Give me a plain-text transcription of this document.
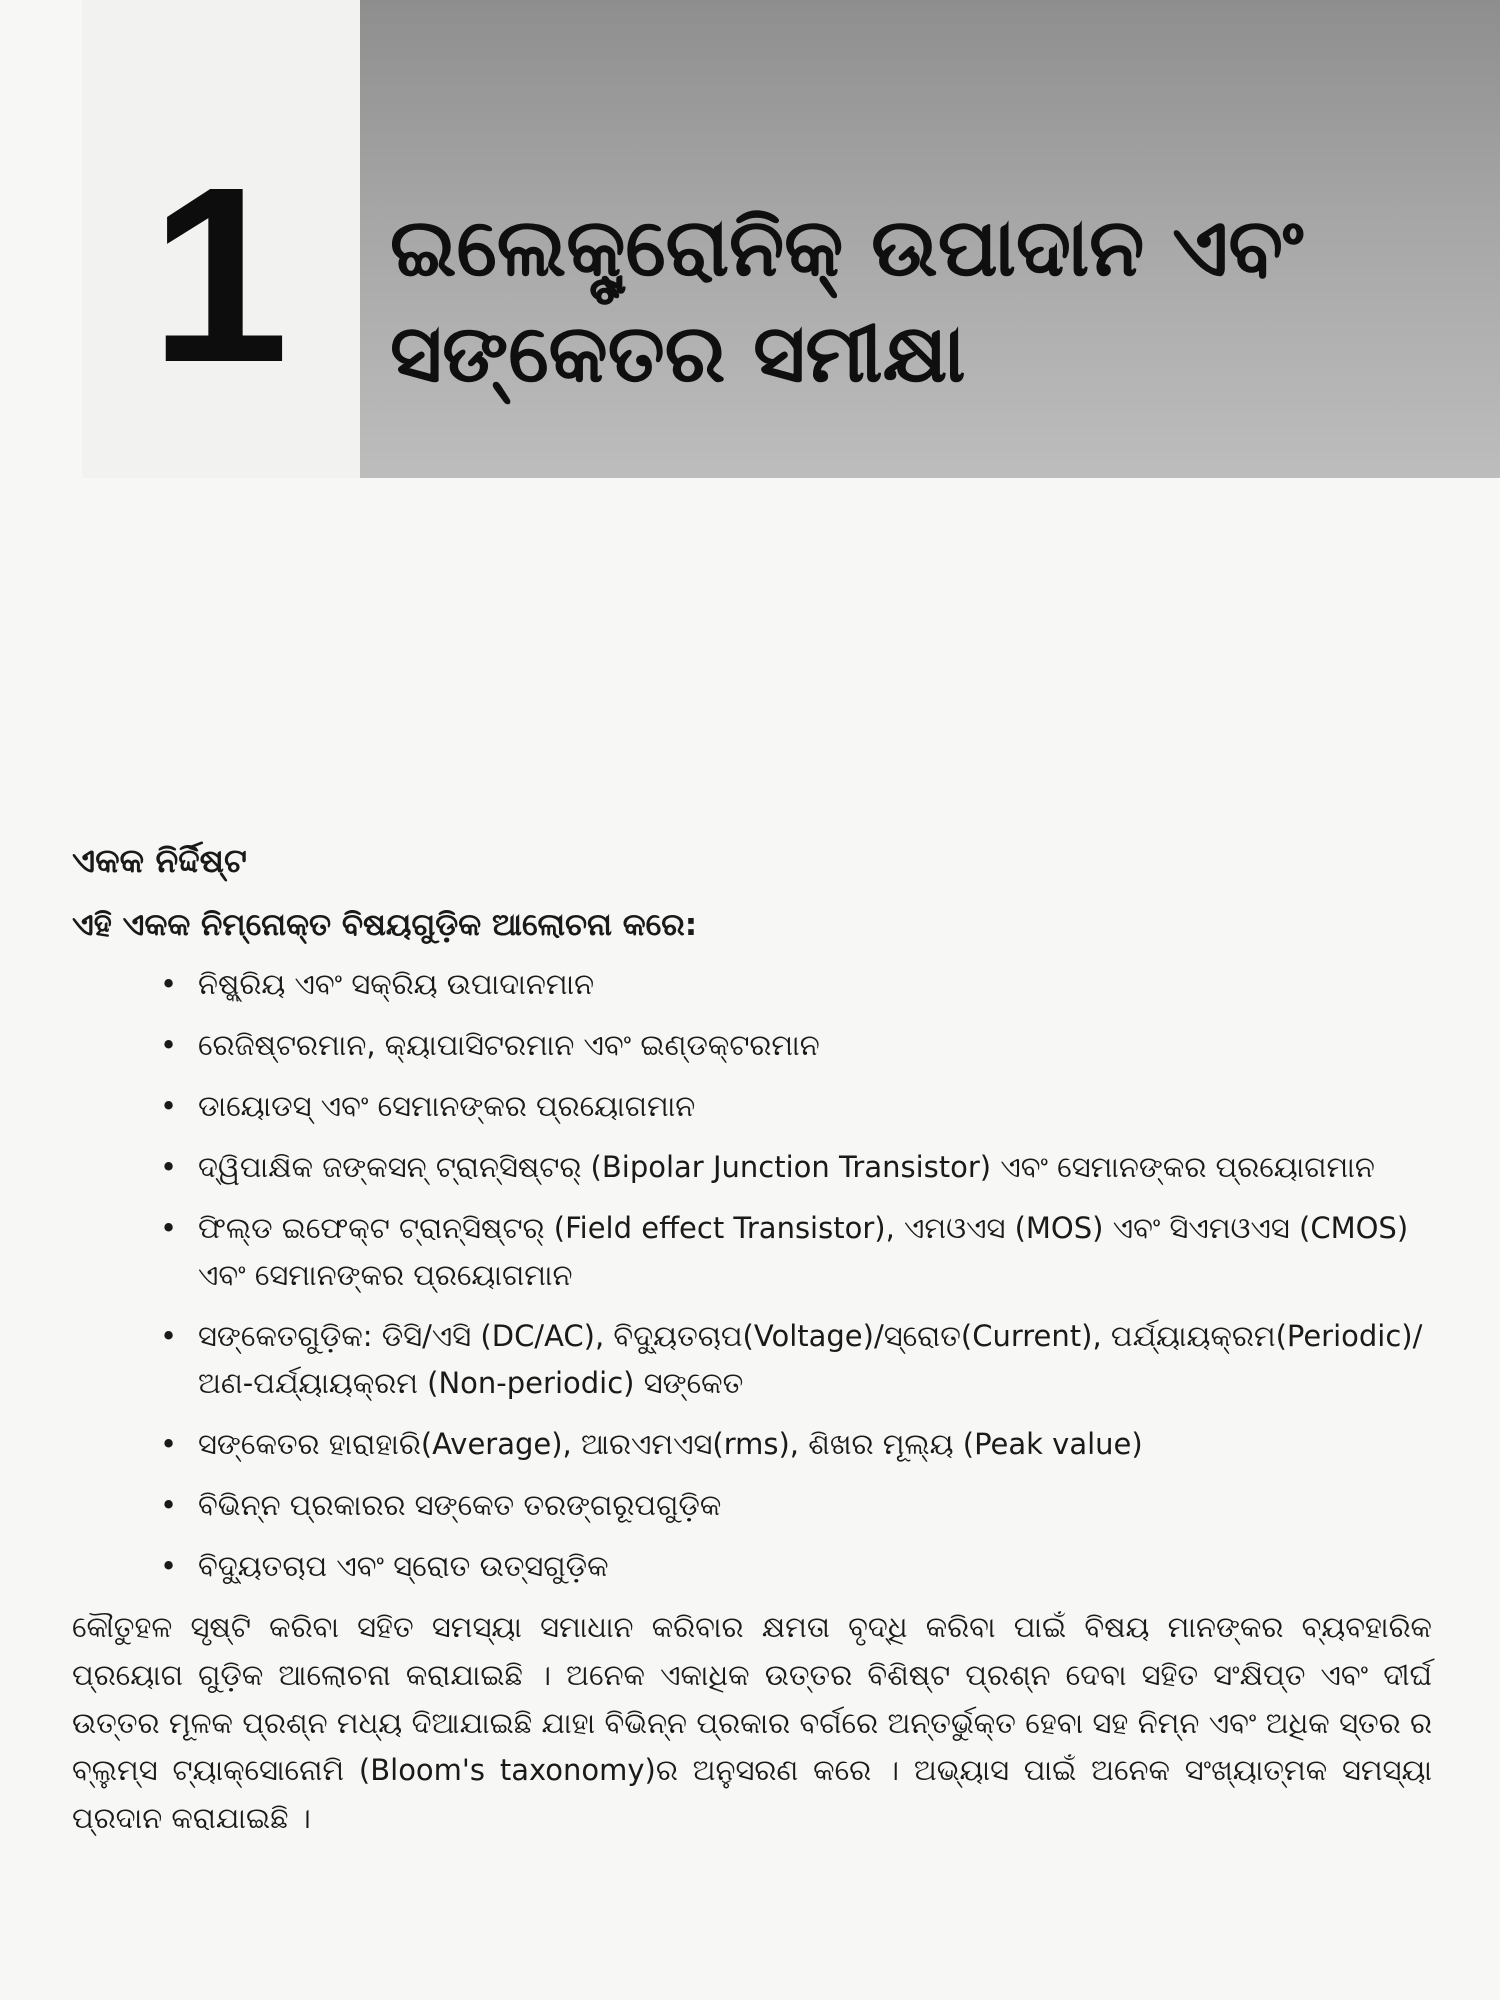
1 ଇଲେକ୍ଟ୍ରୋନିକ୍ ଉପାଦାନ ଏବଂ ସଙ୍କେତର ସମୀକ୍ଷା
ଏକକ ନିର୍ଦ୍ଦିଷ୍ଟ
ଏହି ଏକକ ନିମ୍ନୋକ୍ତ ବିଷୟଗୁଡ଼ିକ ଆଲୋଚନା କରେ:
• ନିଷ୍କ୍ରିୟ ଏବଂ ସକ୍ରିୟ ଉପାଦାନମାନ
• ରେଜିଷ୍ଟରମାନ, କ୍ୟାପାସିଟରମାନ ଏବଂ ଇଣ୍ଡକ୍ଟରମାନ
• ଡାୟୋଡସ୍ ଏବଂ ସେମାନଙ୍କର ପ୍ରୟୋଗମାନ
• ଦ୍ୱିପାକ୍ଷିକ ଜଙ୍କସନ୍ ଟ୍ରାନ୍ସିଷ୍ଟର୍ (Bipolar Junction Transistor) ଏବଂ ସେମାନଙ୍କର ପ୍ରୟୋଗମାନ
• ଫିଲ୍ଡ ଇଫେକ୍ଟ ଟ୍ରାନ୍ସିଷ୍ଟର୍ (Field effect Transistor), ଏମଓଏସ (MOS) ଏବଂ ସିଏମଓଏସ (CMOS) ଏବଂ ସେମାନଙ୍କର ପ୍ରୟୋଗମାନ
• ସଙ୍କେତଗୁଡ଼ିକ: ଡିସି/ଏସି (DC/AC), ବିଦ୍ୟୁତଚାପ(Voltage)/ସ୍ରୋତ(Current), ପର୍ଯ୍ୟାୟକ୍ରମ(Periodic)/ଅଣ-ପର୍ଯ୍ୟାୟକ୍ରମ (Non-periodic) ସଙ୍କେତ
• ସଙ୍କେତର ହାରାହାରି(Average), ଆରଏମଏସ(rms), ଶିଖର ମୂଲ୍ୟ (Peak value)
• ବିଭିନ୍ନ ପ୍ରକାରର ସଙ୍କେତ ତରଙ୍ଗରୂପଗୁଡ଼ିକ
• ବିଦ୍ୟୁତଚାପ ଏବଂ ସ୍ରୋତ ଉତ୍ସଗୁଡ଼ିକ
କୌତୁହଳ ସୃଷ୍ଟି କରିବା ସହିତ ସମସ୍ୟା ସମାଧାନ କରିବାର କ୍ଷମତା ବୃଦ୍ଧି କରିବା ପାଇଁ ବିଷୟ ମାନଙ୍କର ବ୍ୟବହାରିକ ପ୍ରୟୋଗ ଗୁଡ଼ିକ ଆଲୋଚନା କରାଯାଇଛି । ଅନେକ ଏକାଧିକ ଉତ୍ତର ବିଶିଷ୍ଟ ପ୍ରଶ୍ନ ଦେବା ସହିତ ସଂକ୍ଷିପ୍ତ ଏବଂ ଦୀର୍ଘ ଉତ୍ତର ମୂଳକ ପ୍ରଶ୍ନ ମଧ୍ୟ ଦିଆଯାଇଛି ଯାହା ବିଭିନ୍ନ ପ୍ରକାର ବର୍ଗରେ ଅନ୍ତର୍ଭୁକ୍ତ ହେବା ସହ ନିମ୍ନ ଏବଂ ଅଧିକ ସ୍ତର ର ବ୍ଲୁମ୍ସ ଟ୍ୟାକ୍ସୋନୋମି (Bloom's taxonomy)ର ଅନୁସରଣ କରେ । ଅଭ୍ୟାସ ପାଇଁ ଅନେକ ସଂଖ୍ୟାତ୍ମକ ସମସ୍ୟା ପ୍ରଦାନ କରାଯାଇଛି ।
